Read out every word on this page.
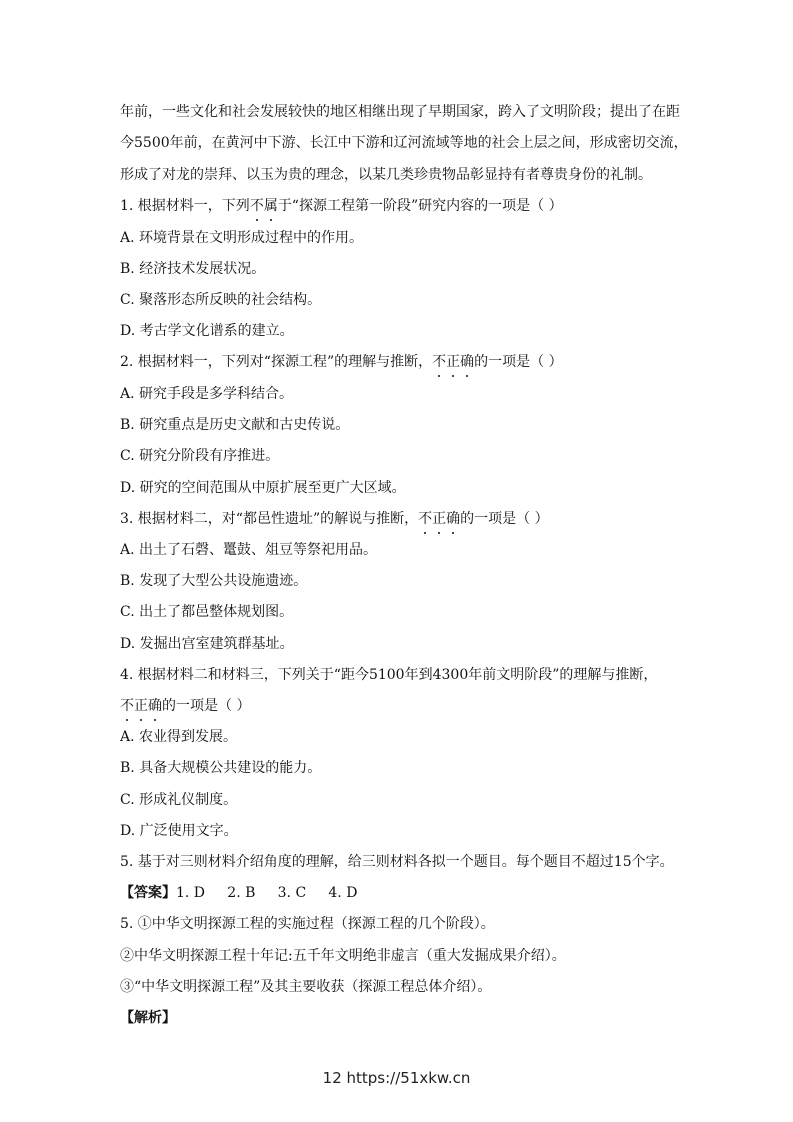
年前，一些文化和社会发展较快的地区相继出现了早期国家，跨入了文明阶段；提出了在距
今5500年前，在黄河中下游、长江中下游和辽河流域等地的社会上层之间，形成密切交流，
形成了对龙的崇拜、以玉为贵的理念，以某几类珍贵物品彰显持有者尊贵身份的礼制。
1. 根据材料一，下列不属于“探源工程第一阶段”研究内容的一项是（ ）
A. 环境背景在文明形成过程中的作用。
B. 经济技术发展状况。
C. 聚落形态所反映的社会结构。
D. 考古学文化谱系的建立。
2. 根据材料一，下列对“探源工程”的理解与推断，不正确的一项是（ ）
A. 研究手段是多学科结合。
B. 研究重点是历史文献和古史传说。
C. 研究分阶段有序推进。
D. 研究的空间范围从中原扩展至更广大区域。
3. 根据材料二，对“都邑性遗址”的解说与推断，不正确的一项是（ ）
A. 出土了石磬、鼍鼓、俎豆等祭祀用品。
B. 发现了大型公共设施遗迹。
C. 出土了都邑整体规划图。
D. 发掘出宫室建筑群基址。
4. 根据材料二和材料三，下列关于“距今5100年到4300年前文明阶段”的理解与推断，
不正确的一项是（ ）
A. 农业得到发展。
B. 具备大规模公共建设的能力。
C. 形成礼仪制度。
D. 广泛使用文字。
5. 基于对三则材料介绍角度的理解，给三则材料各拟一个题目。每个题目不超过15个字。
【答案】1. D     2. B     3. C     4. D
5. ①中华文明探源工程的实施过程（探源工程的几个阶段）。
②中华文明探源工程十年记:五千年文明绝非虚言（重大发掘成果介绍）。
③“中华文明探源工程”及其主要收获（探源工程总体介绍）。
【解析】
12 https://51xkw.cn
